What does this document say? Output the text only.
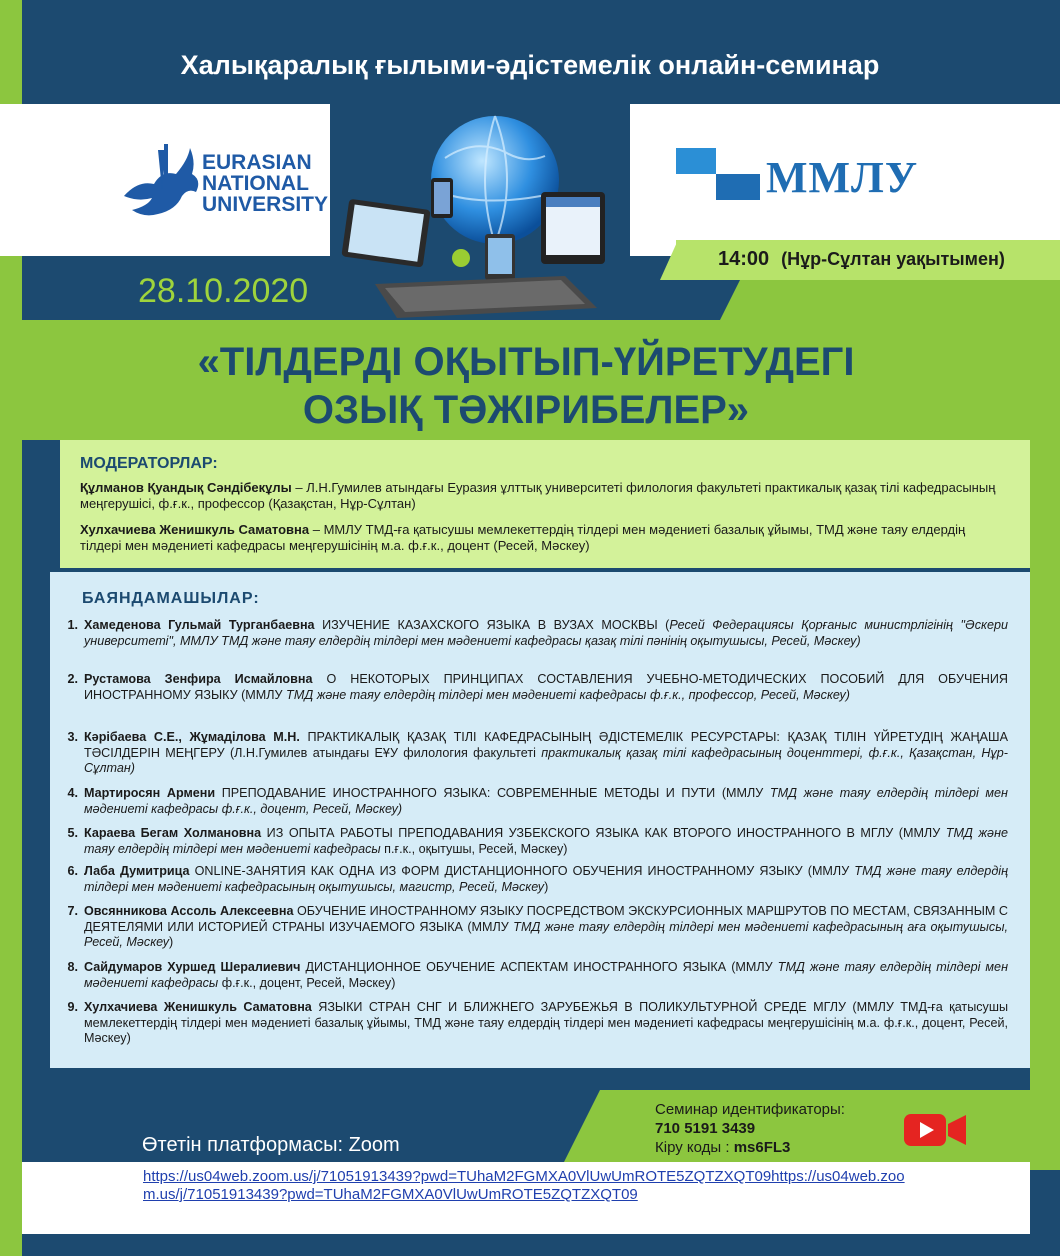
Халықаралық ғылыми-әдістемелік онлайн-семинар
EURASIAN
NATIONAL
UNIVERSITY
ММЛУ
14:00 (Нұр-Сұлтан уақытымен)
28.10.2020
«ТІЛДЕРДІ ОҚЫТЫП-ҮЙРЕТУДЕГІ
ОЗЫҚ ТӘЖІРИБЕЛЕР»
МОДЕРАТОРЛАР:
Құлманов Қуандық Сәндібекұлы – Л.Н.Гумилев атындағы Еуразия ұлттық университеті филология факультеті практикалық қазақ тілі кафедрасының меңгерушісі, ф.ғ.к., профессор (Қазақстан, Нұр-Сұлтан)
Хулхачиева Женишкуль Саматовна – ММЛУ ТМД-ға қатысушы мемлекеттердің тілдері мен мәдениеті базалық ұйымы, ТМД және таяу елдердің тілдері мен мәдениеті кафедрасы меңгерушісінің м.а. ф.ғ.к., доцент (Ресей, Мәскеу)
БАЯНДАМАШЫЛАР:
1. Хамеденова Гульмай Турганбаевна ИЗУЧЕНИЕ КАЗАХСКОГО ЯЗЫКА В ВУЗАХ МОСКВЫ (Ресей Федерациясы Қорғаныс министрлігінің "Әскери университеті", ММЛУ ТМД және таяу елдердің тілдері мен мәдениеті кафедрасы қазақ тілі пәнінің оқытушысы, Ресей, Мәскеу)
2. Рустамова Зенфира Исмайловна О НЕКОТОРЫХ ПРИНЦИПАХ СОСТАВЛЕНИЯ УЧЕБНО-МЕТОДИЧЕСКИХ ПОСОБИЙ ДЛЯ ОБУЧЕНИЯ ИНОСТРАННОМУ ЯЗЫКУ (ММЛУ ТМД және таяу елдердің тілдері мен мәдениеті кафедрасы ф.ғ.к., профессор, Ресей, Мәскеу)
3. Кәрібаева С.Е., Жұмаділова М.Н. ПРАКТИКАЛЫҚ ҚАЗАҚ ТІЛІ КАФЕДРАСЫНЫҢ ӘДІСТЕМЕЛІК РЕСУРСТАРЫ: ҚАЗАҚ ТІЛІН ҮЙРЕТУДІҢ ЖАҢАША ТӘСІЛДЕРІН МЕҢГЕРУ (Л.Н.Гумилев атындағы ЕҰУ филология факультеті практикалық қазақ тілі кафедрасының доценттері, ф.ғ.к., Қазақстан, Нұр-Сұлтан)
4. Мартиросян Армени ПРЕПОДАВАНИЕ ИНОСТРАННОГО ЯЗЫКА: СОВРЕМЕННЫЕ МЕТОДЫ И ПУТИ (ММЛУ ТМД және таяу елдердің тілдері мен мәдениеті кафедрасы ф.ғ.к., доцент, Ресей, Мәскеу)
5. Караева Бегам Холмановна ИЗ ОПЫТА РАБОТЫ ПРЕПОДАВАНИЯ УЗБЕКСКОГО ЯЗЫКА КАК ВТОРОГО ИНОСТРАННОГО В МГЛУ (ММЛУ ТМД және таяу елдердің тілдері мен мәдениеті кафедрасы п.ғ.к., оқытушы, Ресей, Мәскеу)
6. Лаба Думитрица ONLINE-ЗАНЯТИЯ КАК ОДНА ИЗ ФОРМ ДИСТАНЦИОННОГО ОБУЧЕНИЯ ИНОСТРАННОМУ ЯЗЫКУ (ММЛУ ТМД және таяу елдердің тілдері мен мәдениеті кафедрасының оқытушысы, магистр, Ресей, Мәскеу)
7. Овсянникова Ассоль Алексеевна ОБУЧЕНИЕ ИНОСТРАННОМУ ЯЗЫКУ ПОСРЕДСТВОМ ЭКСКУРСИОННЫХ МАРШРУТОВ ПО МЕСТАМ, СВЯЗАННЫМ С ДЕЯТЕЛЯМИ ИЛИ ИСТОРИЕЙ СТРАНЫ ИЗУЧАЕМОГО ЯЗЫКА (ММЛУ ТМД және таяу елдердің тілдері мен мәдениеті кафедрасының аға оқытушысы, Ресей, Мәскеу)
8. Сайдумаров Хуршед Шералиевич ДИСТАНЦИОННОЕ ОБУЧЕНИЕ АСПЕКТАМ ИНОСТРАННОГО ЯЗЫКА (ММЛУ ТМД және таяу елдердің тілдері мен мәдениеті кафедрасы ф.ғ.к., доцент, Ресей, Мәскеу)
9. Хулхачиева Женишкуль Саматовна ЯЗЫКИ СТРАН СНГ И БЛИЖНЕГО ЗАРУБЕЖЬЯ В ПОЛИКУЛЬТУРНОЙ СРЕДЕ МГЛУ (ММЛУ ТМД-ға қатысушы мемлекеттердің тілдері мен мәдениеті базалық ұйымы, ТМД және таяу елдердің тілдері мен мәдениеті кафедрасы меңгерушісінің м.а. ф.ғ.к., доцент, Ресей, Мәскеу)
Семинар идентификаторы:
710 5191 3439
Кіру коды : ms6FL3
Өтетін платформасы: Zoom
https://us04web.zoom.us/j/71051913439?pwd=TUhaM2FGMXA0VlUwUmROTE5ZQTZXQT09https://us04web.zoom.us/j/71051913439?pwd=TUhaM2FGMXA0VlUwUmROTE5ZQTZXQT09
